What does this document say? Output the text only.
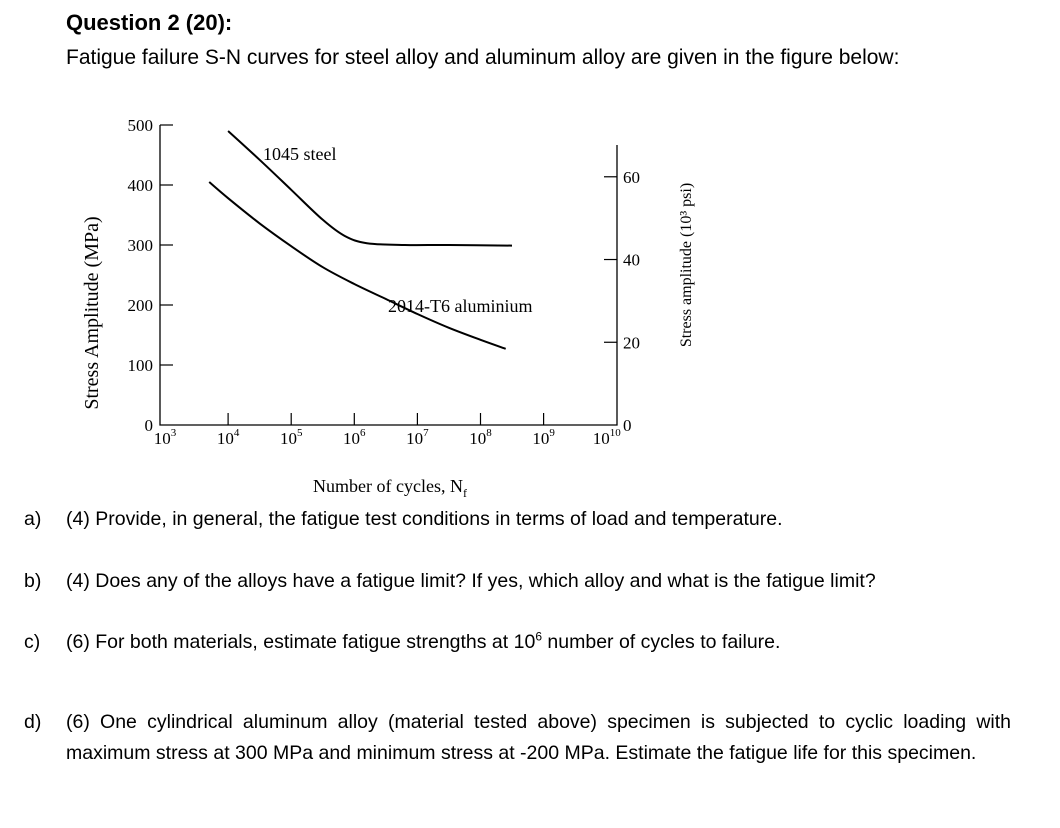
Question 2 (20):
Fatigue failure S-N curves for steel alloy and aluminum alloy are given in the figure below:
500
400
300
200
100
0
60
40
20
0
$10^3$ $10^4$ $10^5$ $10^6$ $10^7$ $10^8$ $10^9$ $10^{10}$
1045 steel
2014-T6 aluminium
Number of cycles, $N_f$
Stress Amplitude (MPa)	Stress amplitude (10³ psi)
a) (4) Provide, in general, the fatigue test conditions in terms of load and temperature.
b) (4) Does any of the alloys have a fatigue limit? If yes, which alloy and what is the fatigue limit?
c) (6) For both materials, estimate fatigue strengths at $10^6$ number of cycles to failure.
d) (6) One cylindrical aluminum alloy (material tested above) specimen is subjected to cyclic loading with maximum stress at 300 MPa and minimum stress at -200 MPa. Estimate the fatigue life for this specimen.
